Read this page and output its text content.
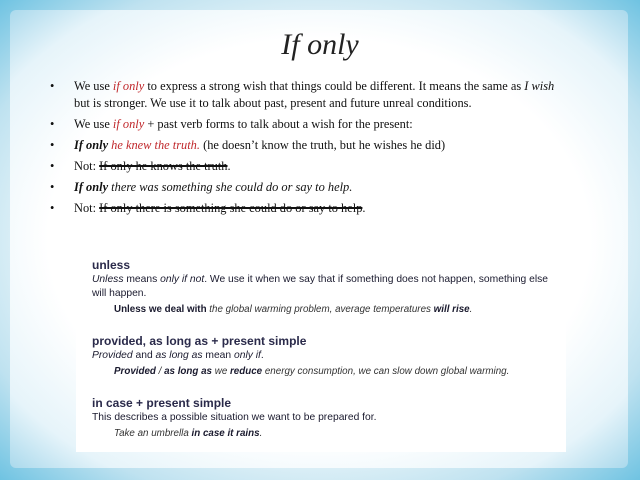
If only
• We use if only to express a strong wish that things could be different. It means the same as I wish but is stronger. We use it to talk about past, present and future unreal conditions.
• We use if only + past verb forms to talk about a wish for the present:
• If only he knew the truth. (he doesn’t know the truth, but he wishes he did)
• Not: If only he knows the truth.
• If only there was something she could do or say to help.
• Not: If only there is something she could do or say to help.

unless

Unless means only if not. We use it when we say that if something does not happen, something else will happen.

Unless we deal with the global warming problem, average temperatures will rise.

provided, as long as + present simple

Provided and as long as mean only if.

Provided / as long as we reduce energy consumption, we can slow down global warming.

in case + present simple

This describes a possible situation we want to be prepared for.

Take an umbrella in case it rains.
